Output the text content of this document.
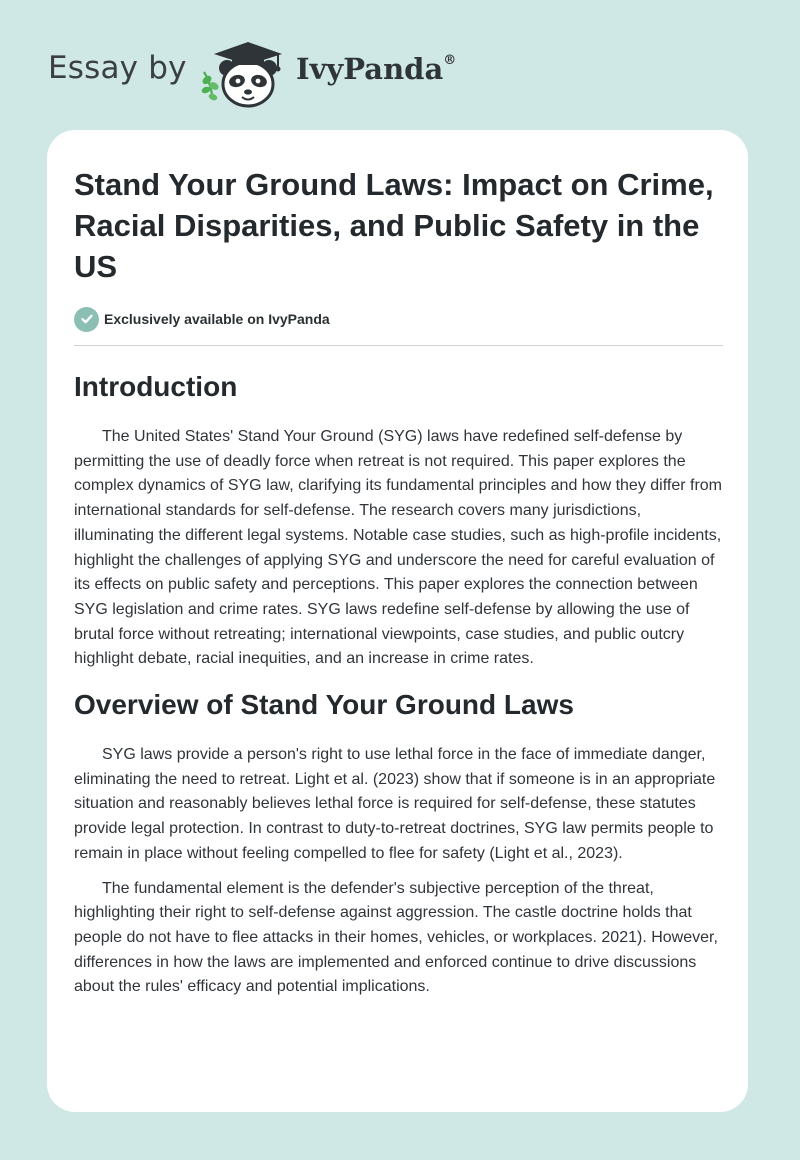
Essay by	IvyPanda®
Stand Your Ground Laws: Impact on Crime, Racial Disparities, and Public Safety in the US
Exclusively available on IvyPanda
Introduction

The United States' Stand Your Ground (SYG) laws have redefined self-defense by permitting the use of deadly force when retreat is not required. This paper explores the complex dynamics of SYG law, clarifying its fundamental principles and how they differ from international standards for self-defense. The research covers many jurisdictions, illuminating the different legal systems. Notable case studies, such as high-profile incidents, highlight the challenges of applying SYG and underscore the need for careful evaluation of its effects on public safety and perceptions. This paper explores the connection between SYG legislation and crime rates. SYG laws redefine self-defense by allowing the use of brutal force without retreating; international viewpoints, case studies, and public outcry highlight debate, racial inequities, and an increase in crime rates.

Overview of Stand Your Ground Laws

SYG laws provide a person's right to use lethal force in the face of immediate danger, eliminating the need to retreat. Light et al. (2023) show that if someone is in an appropriate situation and reasonably believes lethal force is required for self-defense, these statutes provide legal protection. In contrast to duty-to-retreat doctrines, SYG law permits people to remain in place without feeling compelled to flee for safety (Light et al., 2023).

The fundamental element is the defender's subjective perception of the threat, highlighting their right to self-defense against aggression. The castle doctrine holds that people do not have to flee attacks in their homes, vehicles, or workplaces. 2021). However, differences in how the laws are implemented and enforced continue to drive discussions about the rules' efficacy and potential implications.
